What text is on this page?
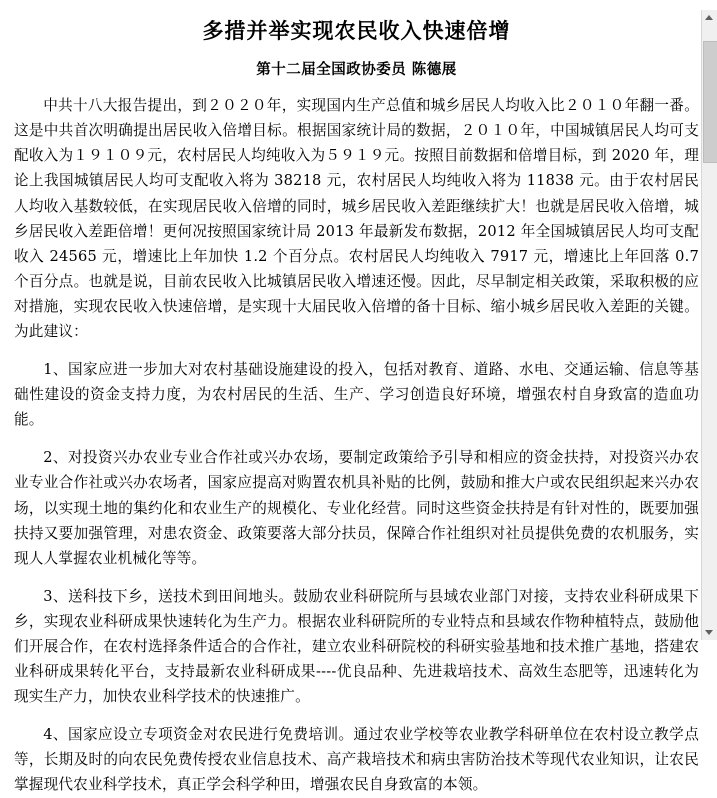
多措并举实现农民收入快速倍增
第十二届全国政协委员 陈德展

中共十八大报告提出，到２０２０年，实现国内生产总值和城乡居民人均收入比２０１０年翻一番。这是中共首次明确提出居民收入倍增目标。根据国家统计局的数据，２０１０年，中国城镇居民人均可支配收入为１９１０９元，农村居民人均纯收入为５９１９元。按照目前数据和倍增目标，到 2020 年，理论上我国城镇居民人均可支配收入将为 38218 元，农村居民人均纯收入将为 11838 元。由于农村居民人均收入基数较低，在实现居民收入倍增的同时，城乡居民收入差距继续扩大！也就是居民收入倍增，城乡居民收入差距倍增！更何况按照国家统计局 2013 年最新发布数据，2012 年全国城镇居民人均可支配收入 24565 元，增速比上年加快 1.2 个百分点。农村居民人均纯收入 7917 元，增速比上年回落 0.7 个百分点。也就是说，目前农民收入比城镇居民收入增速还慢。因此，尽早制定相关政策，采取积极的应对措施，实现农民收入快速倍增，是实现十大届民收入倍增的备十目标、缩小城乡居民收入差距的关键。为此建议：

1、国家应进一步加大对农村基础设施建设的投入，包括对教育、道路、水电、交通运输、信息等基础性建设的资金支持力度，为农村居民的生活、生产、学习创造良好环境，增强农村自身致富的造血功能。

2、对投资兴办农业专业合作社或兴办农场，要制定政策给予引导和相应的资金扶持，对投资兴办农业专业合作社或兴办农场者，国家应提高对购置农机具补贴的比例，鼓励和推大户或农民组织起来兴办农场，以实现土地的集约化和农业生产的规模化、专业化经营。同时这些资金扶持是有针对性的，既要加强扶持又要加强管理，对患农资金、政策要落大部分扶员，保障合作社组织对社员提供免费的农机服务，实现人人掌握农业机械化等等。

3、送科技下乡，送技术到田间地头。鼓励农业科研院所与县域农业部门对接，支持农业科研成果下乡，实现农业科研成果快速转化为生产力。根据农业科研院所的专业特点和县域农作物种植特点，鼓励他们开展合作，在农村选择条件适合的合作社，建立农业科研院校的科研实验基地和技术推广基地，搭建农业科研成果转化平台，支持最新农业科研成果----优良品种、先进栽培技术、高效生态肥等，迅速转化为现实生产力，加快农业科学技术的快速推广。

4、国家应设立专项资金对农民进行免费培训。通过农业学校等农业教学科研单位在农村设立教学点等，长期及时的向农民免费传授农业信息技术、高产栽培技术和病虫害防治技术等现代农业知识，让农民掌握现代农业科学技术，真正学会科学种田，增强农民自身致富的本领。
